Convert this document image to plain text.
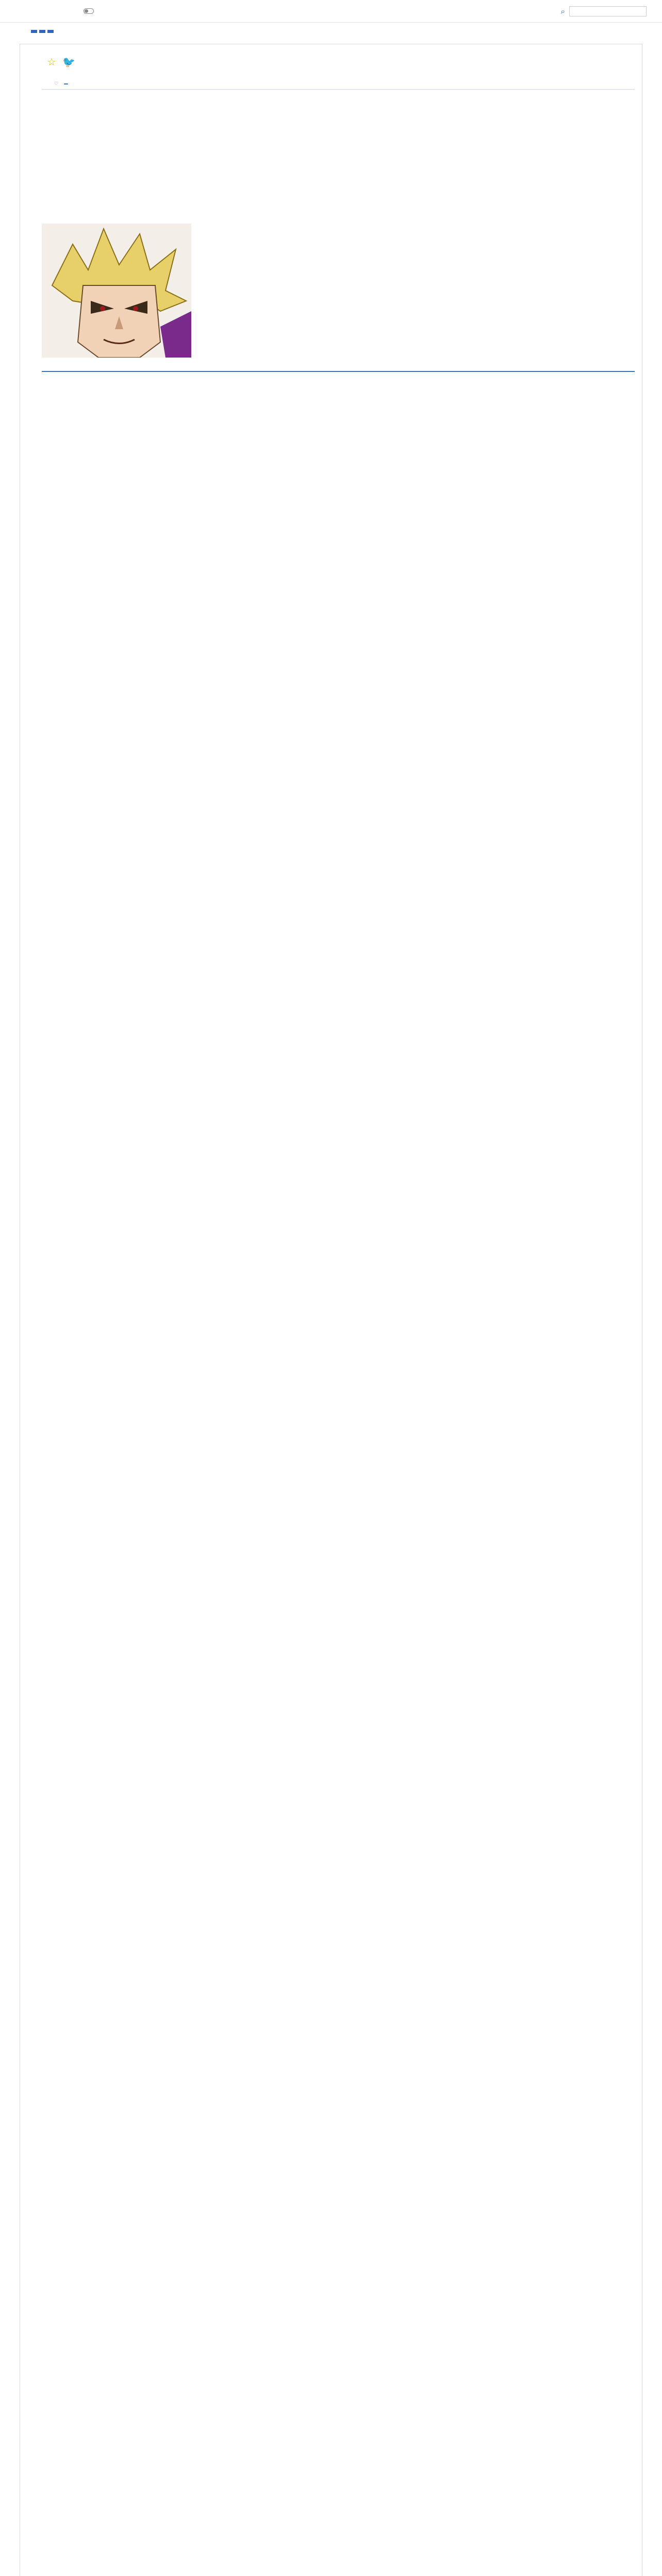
⌕
☆ 🐦
♡
